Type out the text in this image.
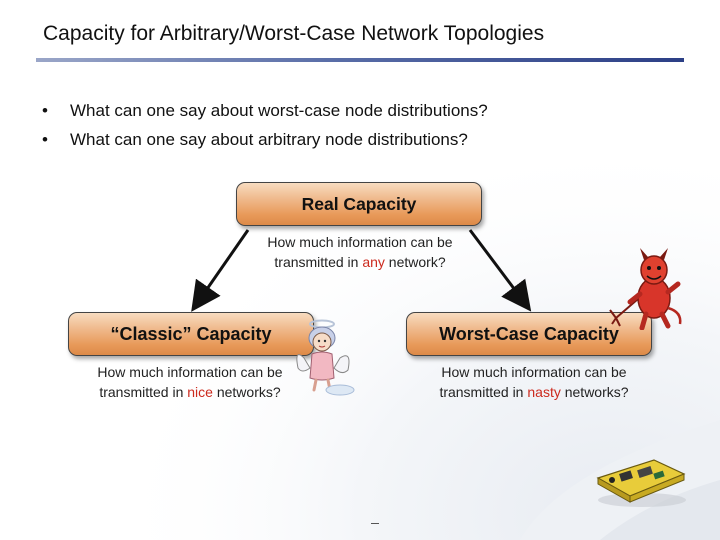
Capacity for Arbitrary/Worst-Case Network Topologies
• What can one say about worst-case node distributions?
• What can one say about arbitrary node distributions?
Real Capacity
How much information can be
transmitted in any network?
“Classic” Capacity
How much information can be
transmitted in nice networks?
Worst-Case Capacity
How much information can be
transmitted in nasty networks?
